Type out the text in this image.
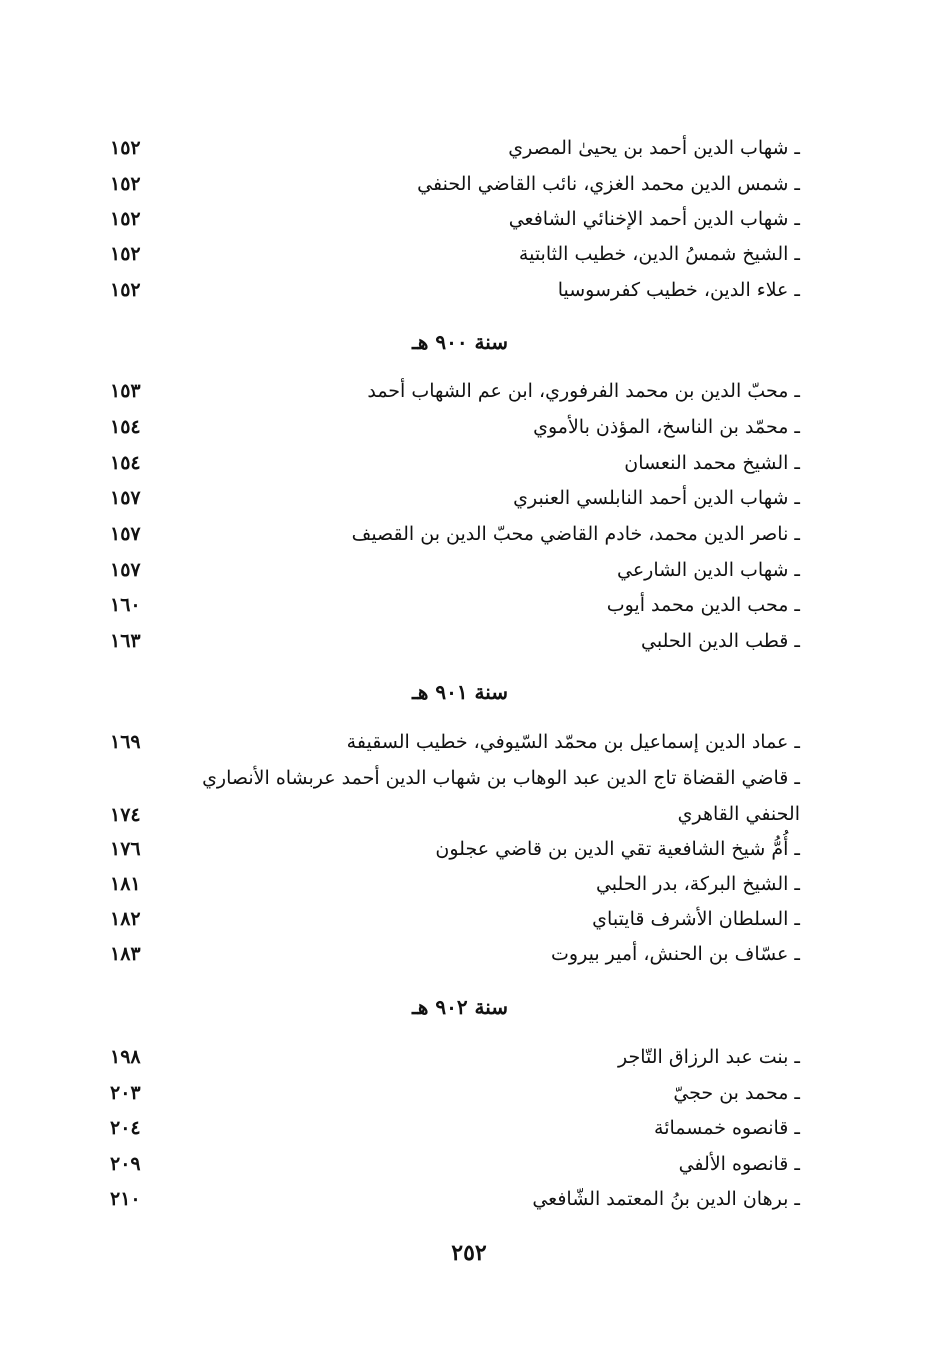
ـ شهاب الدين أحمد بن يحيىٰ المصري
١٥٢
ـ شمس الدين محمد الغزي، نائب القاضي الحنفي
١٥٢
ـ شهاب الدين أحمد الإخنائي الشافعي
١٥٢
ـ الشيخ شمسُ الدين، خطيب الثابتية
١٥٢
ـ علاء الدين، خطيب كفرسوسيا
١٥٢
سنة ٩٠٠ هـ
ـ محبّ الدين بن محمد الفرفوري، ابن عم الشهاب أحمد
١٥٣
ـ محمّد بن الناسخ، المؤذن بالأموي
١٥٤
ـ الشيخ محمد النعسان
١٥٤
ـ شهاب الدين أحمد النابلسي العنبري
١٥٧
ـ ناصر الدين محمد، خادم القاضي محبّ الدين بن القصيف
١٥٧
ـ شهاب الدين الشارعي
١٥٧
ـ محب الدين محمد أيوب
١٦٠
ـ قطب الدين الحلبي
١٦٣
سنة ٩٠١ هـ
ـ عماد الدين إسماعيل بن محمّد السّيوفي، خطيب السقيفة
١٦٩
ـ قاضي القضاة تاج الدين عبد الوهاب بن شهاب الدين أحمد عربشاه الأنصاري الحنفي القاهري
١٧٤
ـ أُمُّ شيخ الشافعية تقي الدين بن قاضي عجلون
١٧٦
ـ الشيخ البركة، بدر الحلبي
١٨١
ـ السلطان الأشرف قايتباي
١٨٢
ـ عسّاف بن الحنش، أمير بيروت
١٨٣
سنة ٩٠٢ هـ
ـ بنت عبد الرزاق التّاجر
١٩٨
ـ محمد بن حجيّ
٢٠٣
ـ قانصوه خمسمائة
٢٠٤
ـ قانصوه الألفي
٢٠٩
ـ برهان الدين بنُ المعتمد الشّافعي
٢١٠
٢٥٢
